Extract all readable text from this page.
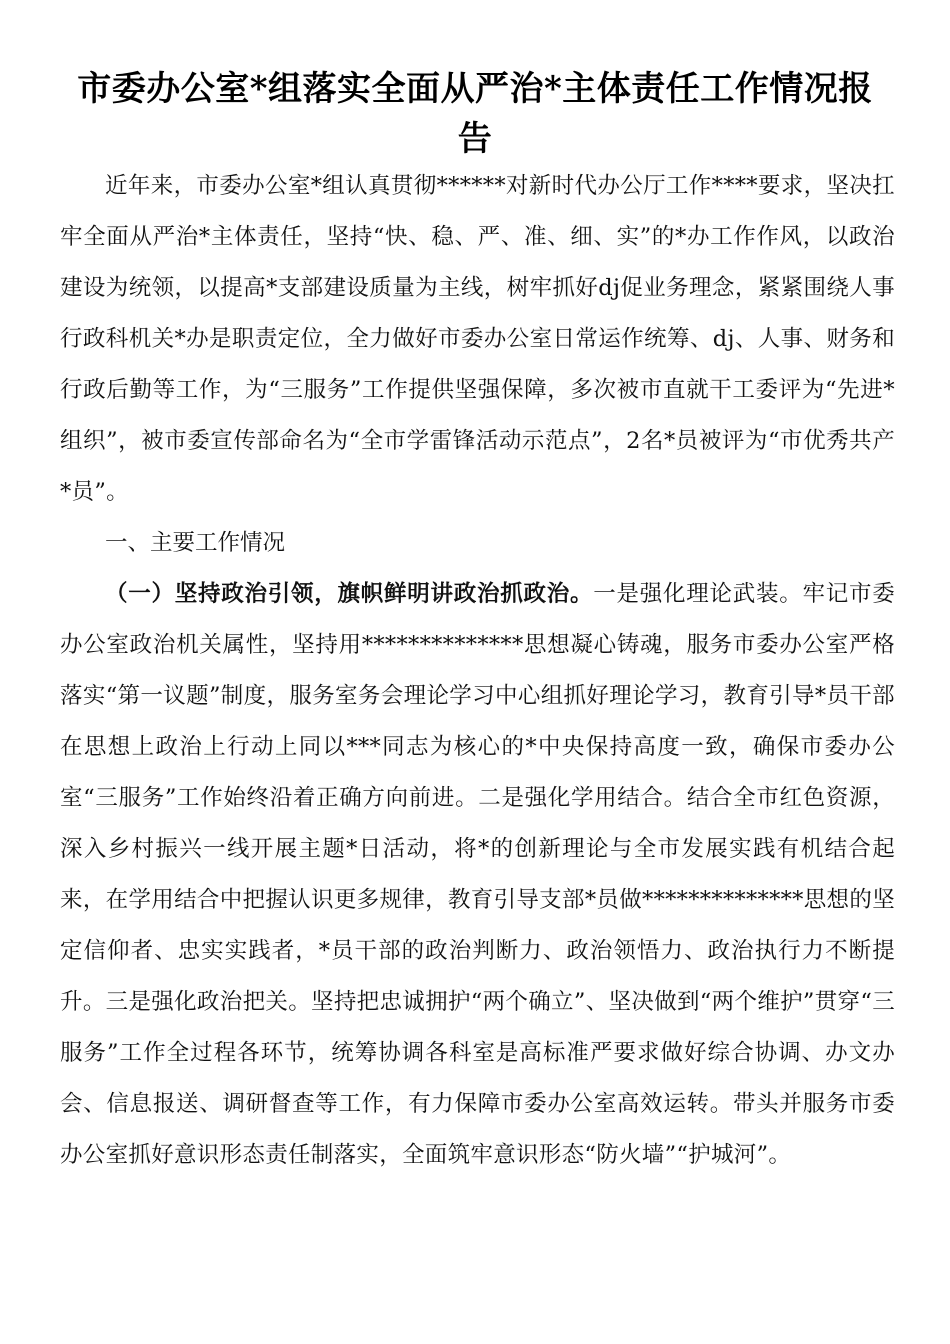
市委办公室*组落实全面从严治*主体责任工作情况报告

近年来，市委办公室*组认真贯彻******对新时代办公厅工作****要求，坚决扛牢全面从严治*主体责任，坚持“快、稳、严、准、细、实”的*办工作作风，以政治建设为统领，以提高*支部建设质量为主线，树牢抓好dj促业务理念，紧紧围绕人事行政科机关*办是职责定位，全力做好市委办公室日常运作统筹、dj、人事、财务和行政后勤等工作，为“三服务”工作提供坚强保障，多次被市直就干工委评为“先进*组织”，被市委宣传部命名为“全市学雷锋活动示范点”，2名*员被评为“市优秀共产*员”。

一、主要工作情况

（一）坚持政治引领，旗帜鲜明讲政治抓政治。一是强化理论武装。牢记市委办公室政治机关属性，坚持用**************思想凝心铸魂，服务市委办公室严格落实“第一议题”制度，服务室务会理论学习中心组抓好理论学习，教育引导*员干部在思想上政治上行动上同以***同志为核心的*中央保持高度一致，确保市委办公室“三服务”工作始终沿着正确方向前进。二是强化学用结合。结合全市红色资源，深入乡村振兴一线开展主题*日活动，将*的创新理论与全市发展实践有机结合起来，在学用结合中把握认识更多规律，教育引导支部*员做**************思想的坚定信仰者、忠实实践者，*员干部的政治判断力、政治领悟力、政治执行力不断提升。三是强化政治把关。坚持把忠诚拥护“两个确立”、坚决做到“两个维护”贯穿“三服务”工作全过程各环节，统筹协调各科室是高标准严要求做好综合协调、办文办会、信息报送、调研督查等工作，有力保障市委办公室高效运转。带头并服务市委办公室抓好意识形态责任制落实，全面筑牢意识形态“防火墙”“护城河”。
